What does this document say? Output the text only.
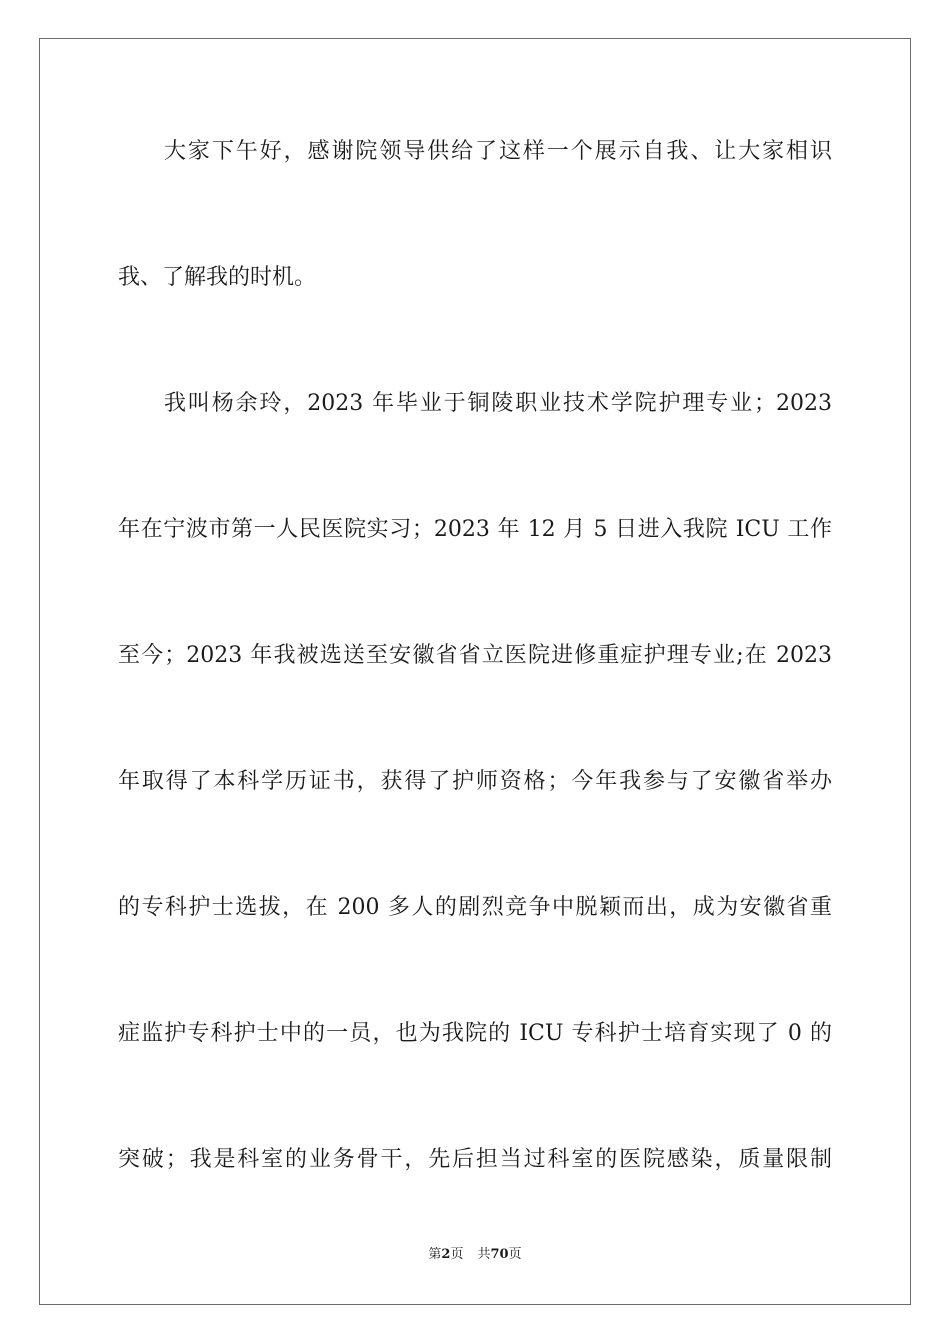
大家下午好，感谢院领导供给了这样一个展示自我、让大家相识
我、了解我的时机。
我叫杨余玲，2023 年毕业于铜陵职业技术学院护理专业；2023
年在宁波市第一人民医院实习；2023 年 12 月 5 日进入我院 ICU 工作
至今；2023 年我被选送至安徽省省立医院进修重症护理专业;在 2023
年取得了本科学历证书，获得了护师资格；今年我参与了安徽省举办
的专科护士选拔，在 200 多人的剧烈竞争中脱颖而出，成为安徽省重
症监护专科护士中的一员，也为我院的 ICU 专科护士培育实现了 0 的
突破；我是科室的业务骨干，先后担当过科室的医院感染，质量限制
第2页 共70页
